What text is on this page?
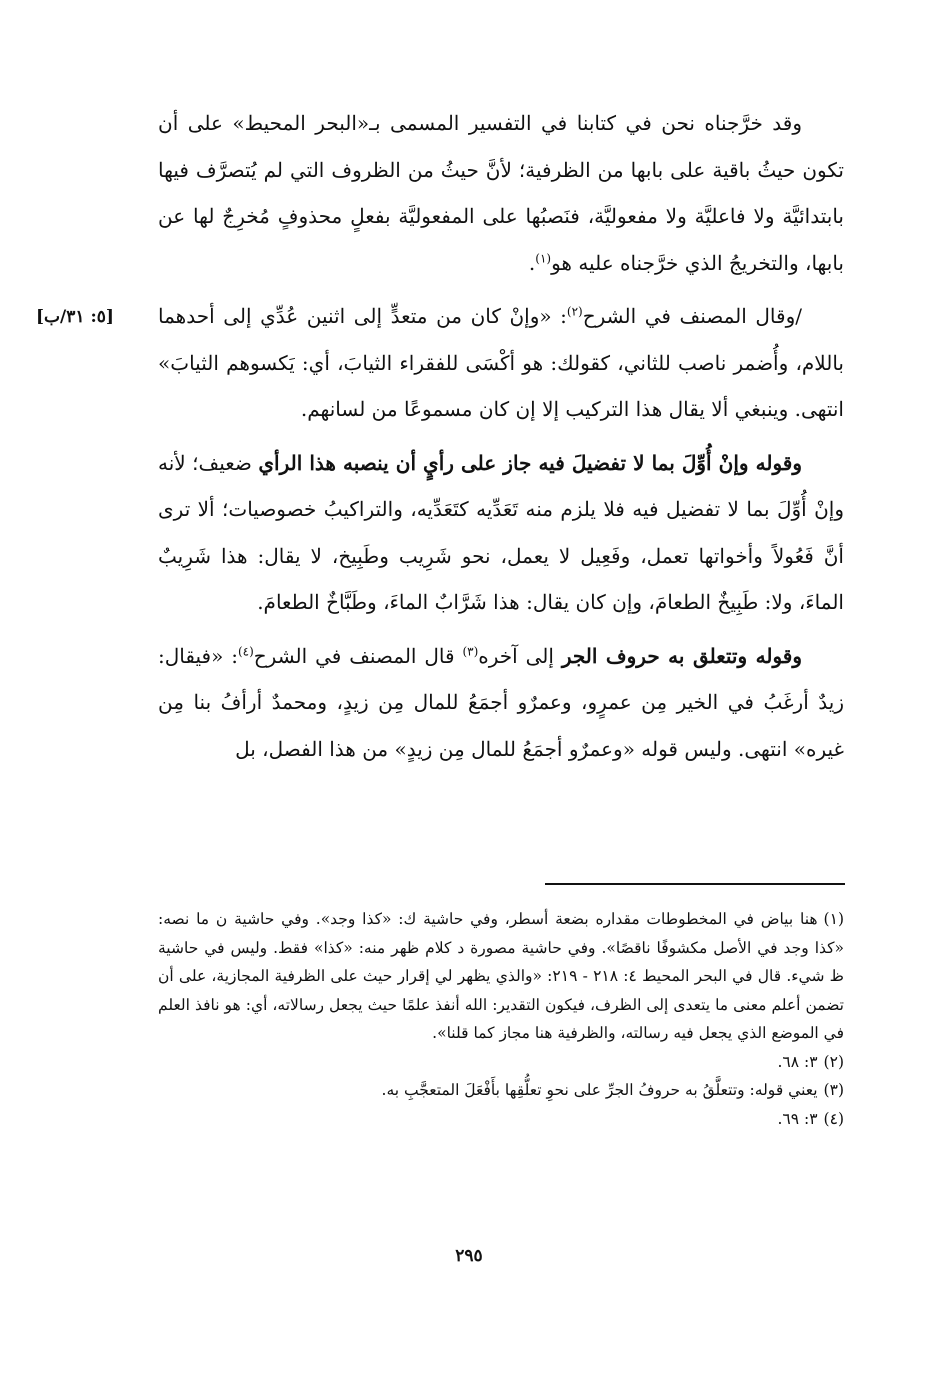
وقد خرَّجناه نحن في كتابنا في التفسير المسمى بـ«البحر المحيط» على أن تكون حيثُ باقية على بابها من الظرفية؛ لأنَّ حيثُ من الظروف التي لم يُتصرَّف فيها بابتدائيَّة ولا فاعليَّة ولا مفعوليَّة، فنَصبُها على المفعوليَّة بفعلٍ محذوفٍ مُخرِجٌ لها عن بابها، والتخريجُ الذي خرَّجناه عليه هو$^{(١)}$.

/وقال المصنف في الشرح$^{(٢)}$: «وإنْ كان من متعدٍّ إلى اثنين عُدِّي إلى أحدهما باللام، وأُضمر ناصب للثاني، كقولك: هو أكْسَى للفقراء الثيابَ، أي: يَكسوهم الثيابَ» انتهى. وينبغي ألا يقال هذا التركيب إلا إن كان مسموعًا من لسانهم.

وقوله وإنْ أُوِّلَ بما لا تفضيلَ فيه جاز على رأيٍ أن ينصبه هذا الرأي ضعيف؛ لأنه وإنْ أُوِّلَ بما لا تفضيل فيه فلا يلزم منه تَعَدِّيه كتَعَدِّيه، والتراكيبُ خصوصيات؛ ألا ترى أنَّ فَعُولاً وأخواتها تعمل، وفَعِيل لا يعمل، نحو شَرِيب وطَبِيخ، لا يقال: هذا شَرِيبٌ الماءَ، ولا: طَبِيخٌ الطعامَ، وإن كان يقال: هذا شَرَّابٌ الماءَ، وطَبَّاخٌ الطعامَ.

وقوله وتتعلق به حروف الجر إلى آخره$^{(٣)}$ قال المصنف في الشرح$^{(٤)}$: «فيقال: زيدٌ أرغَبُ في الخير مِن عمرٍو، وعمرٌو أجمَعُ للمال مِن زيدٍ، ومحمدٌ أرأفُ بنا مِن غيره» انتهى. وليس قوله «وعمرٌو أجمَعُ للمال مِن زيدٍ» من هذا الفصل، بل

[٥: ٣١/ب]

(١)هنا بياض في المخطوطات مقداره بضعة أسطر، وفي حاشية ك: «كذا وجد». وفي حاشية ن ما نصه: «كذا وجد في الأصل مكشوفًا ناقصًا». وفي حاشية مصورة د كلام ظهر منه: «كذا» فقط. وليس في حاشية ظ شيء. قال في البحر المحيط ٤: ٢١٨ - ٢١٩: «والذي يظهر لي إقرار حيث على الظرفية المجازية، على أن تضمن أعلم معنى ما يتعدى إلى الظرف، فيكون التقدير: الله أنفذ علمًا حيث يجعل رسالاته، أي: هو نافذ العلم في الموضع الذي يجعل فيه رسالته، والظرفية هنا مجاز كما قلنا».

(٢)٣: ٦٨.

(٣)يعني قوله: وتتعلَّقُ به حروفُ الجرِّ على نحوِ تعلُّقِها بأَفْعَلَ المتعجَّبِ به.

(٤)٣: ٦٩.

٢٩٥
